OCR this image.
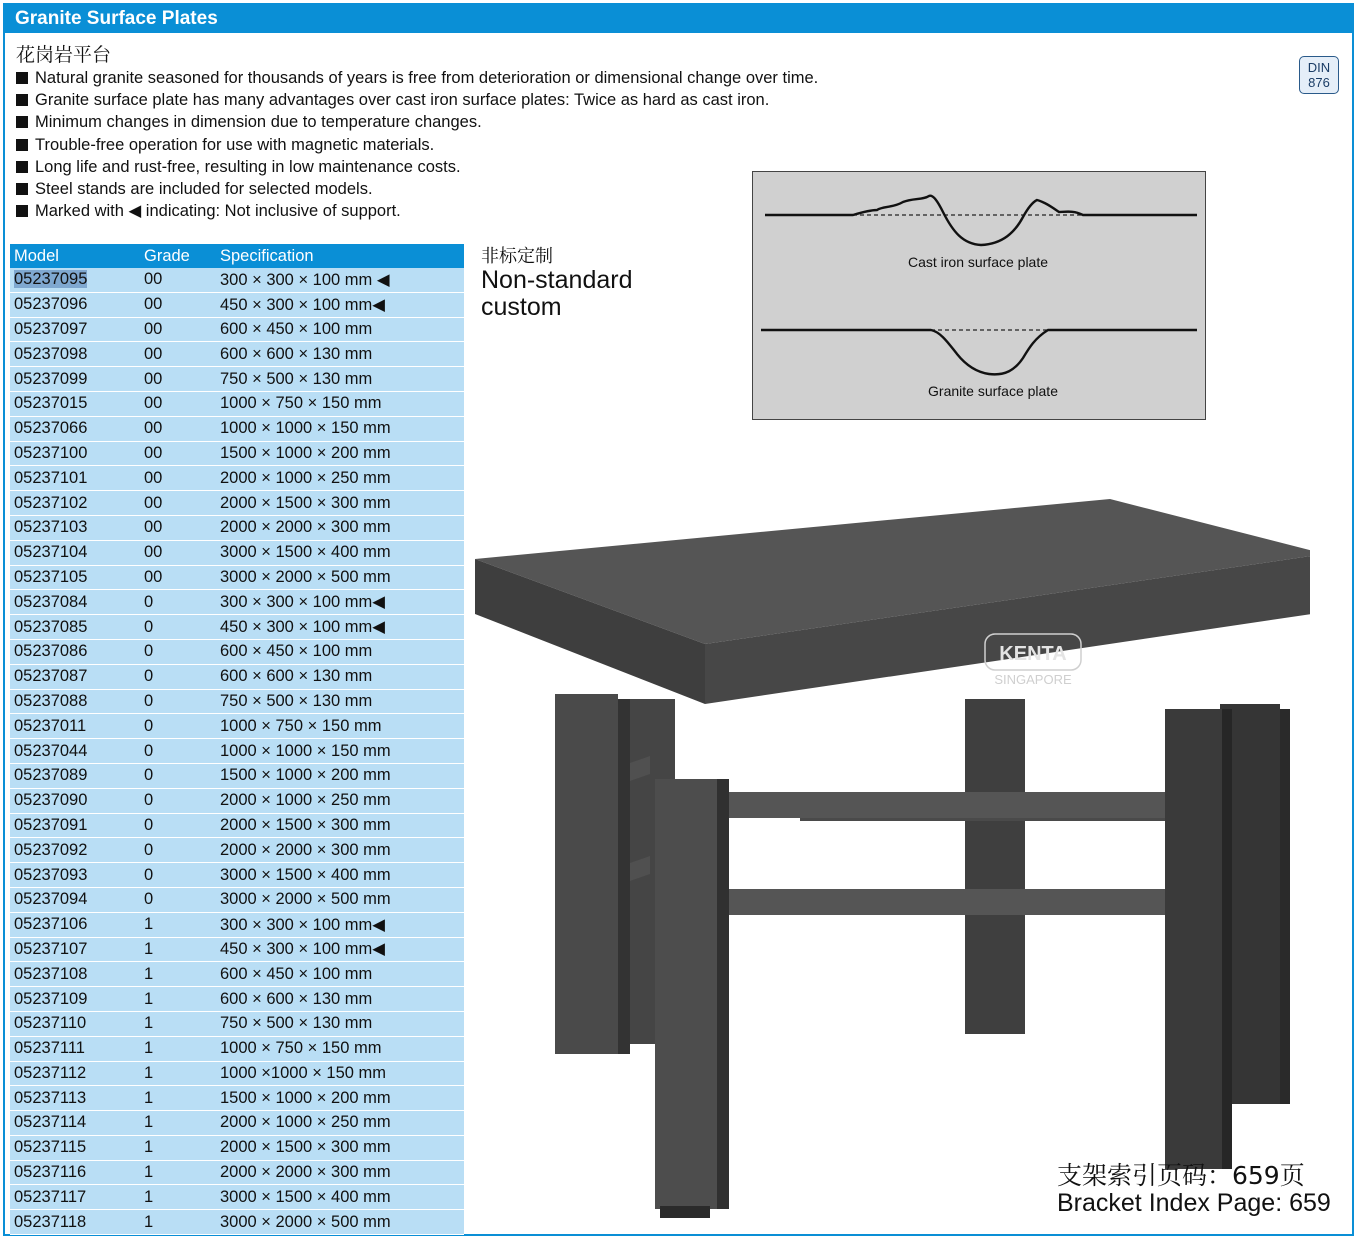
Granite Surface Plates
花岗岩平台
Natural granite seasoned for thousands of years is free from deterioration or dimensional change over time.
Granite surface plate has many advantages over cast iron surface plates: Twice as hard as cast iron.
Minimum changes in dimension due to temperature changes.
Trouble-free operation for use with magnetic materials.
Long life and rust-free, resulting in low maintenance costs.
Steel stands are included for selected models.
Marked with ◀ indicating: Not inclusive of support.
DIN
876
Model	Grade	Specification
05237095	00	300 × 300 × 100 mm ◀
05237096	00	450 × 300 × 100 mm◀
05237097	00	600 × 450 × 100 mm
05237098	00	600 × 600 × 130 mm
05237099	00	750 × 500 × 130 mm
05237015	00	1000 × 750 × 150 mm
05237066	00	1000 × 1000 × 150 mm
05237100	00	1500 × 1000 × 200 mm
05237101	00	2000 × 1000 × 250 mm
05237102	00	2000 × 1500 × 300 mm
05237103	00	2000 × 2000 × 300 mm
05237104	00	3000 × 1500 × 400 mm
05237105	00	3000 × 2000 × 500 mm
05237084	0	300 × 300 × 100 mm◀
05237085	0	450 × 300 × 100 mm◀
05237086	0	600 × 450 × 100 mm
05237087	0	600 × 600 × 130 mm
05237088	0	750 × 500 × 130 mm
05237011	0	1000 × 750 × 150 mm
05237044	0	1000 × 1000 × 150 mm
05237089	0	1500 × 1000 × 200 mm
05237090	0	2000 × 1000 × 250 mm
05237091	0	2000 × 1500 × 300 mm
05237092	0	2000 × 2000 × 300 mm
05237093	0	3000 × 1500 × 400 mm
05237094	0	3000 × 2000 × 500 mm
05237106	1	300 × 300 × 100 mm◀
05237107	1	450 × 300 × 100 mm◀
05237108	1	600 × 450 × 100 mm
05237109	1	600 × 600 × 130 mm
05237110	1	750 × 500 × 130 mm
05237111	1	1000 × 750 × 150 mm
05237112	1	1000 ×1000 × 150 mm
05237113	1	1500 × 1000 × 200 mm
05237114	1	2000 × 1000 × 250 mm
05237115	1	2000 × 1500 × 300 mm
05237116	1	2000 × 2000 × 300 mm
05237117	1	3000 × 1500 × 400 mm
05237118	1	3000 × 2000 × 500 mm
非标定制
Non-standard custom
Cast iron surface plate
Granite surface plate
KENTA
SINGAPORE
支架索引页码：659页
Bracket Index Page: 659
